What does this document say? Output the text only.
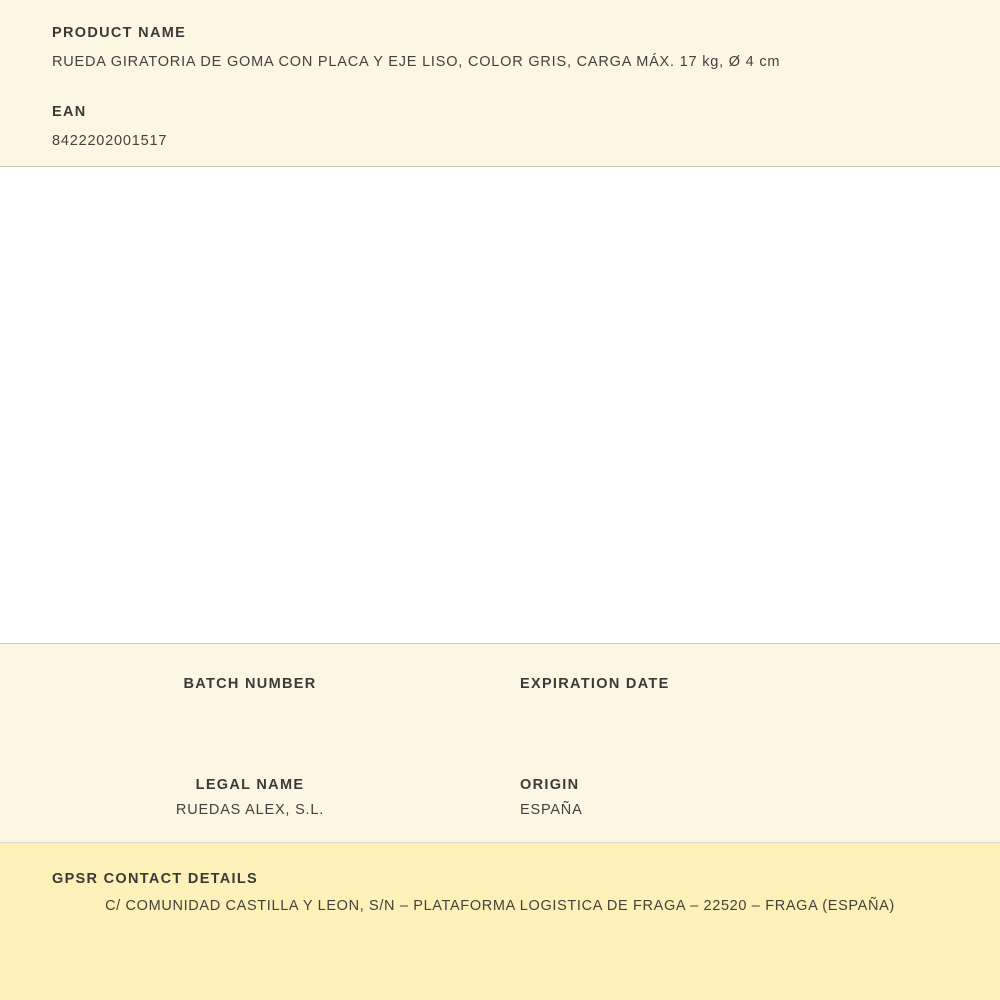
PRODUCT NAME
RUEDA GIRATORIA DE GOMA CON PLACA Y EJE LISO, COLOR GRIS, CARGA MÁX. 17 kg, Ø 4 cm
EAN
8422202001517
BATCH NUMBER	EXPIRATION DATE
LEGAL NAME
RUEDAS ALEX, S.L.
ORIGIN
ESPAÑA
GPSR CONTACT DETAILS
C/ COMUNIDAD CASTILLA Y LEON, S/N – PLATAFORMA LOGISTICA DE FRAGA – 22520 – FRAGA (ESPAÑA)
